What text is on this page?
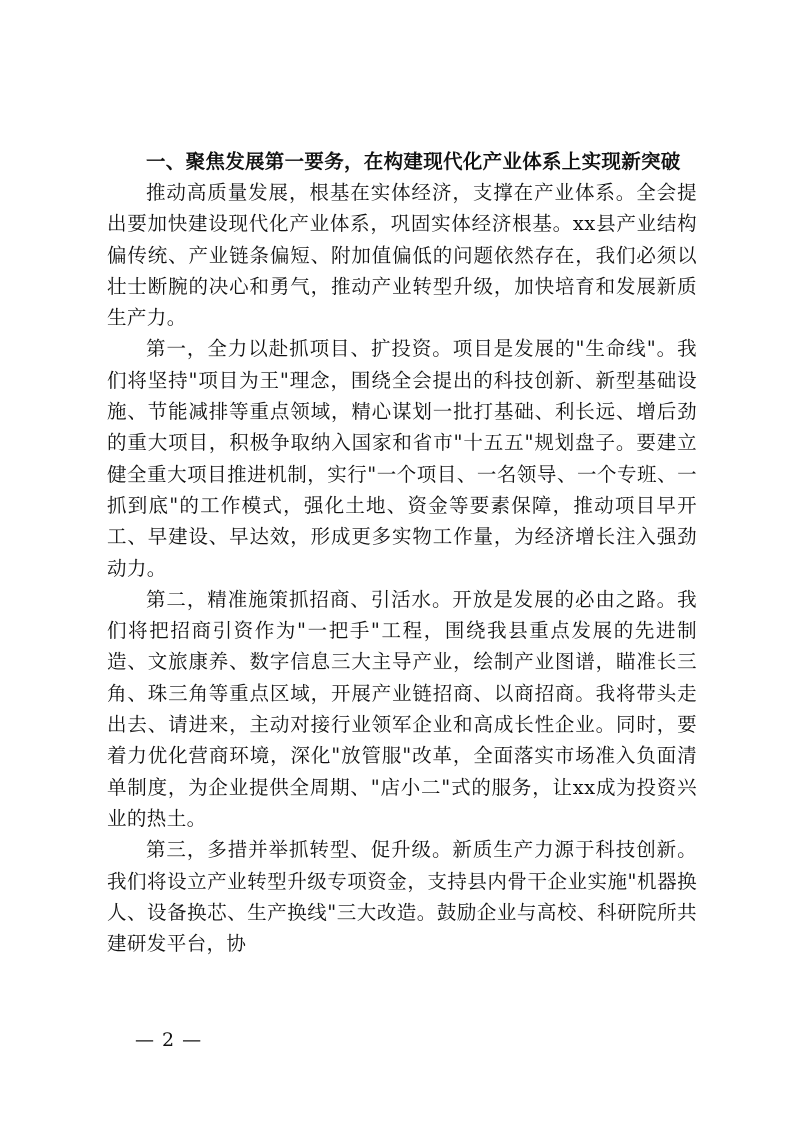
一、聚焦发展第一要务，在构建现代化产业体系上实现新突破

推动高质量发展，根基在实体经济，支撑在产业体系。全会提出要加快建设现代化产业体系，巩固实体经济根基。xx县产业结构偏传统、产业链条偏短、附加值偏低的问题依然存在，我们必须以壮士断腕的决心和勇气，推动产业转型升级，加快培育和发展新质生产力。

第一，全力以赴抓项目、扩投资。项目是发展的"生命线"。我们将坚持"项目为王"理念，围绕全会提出的科技创新、新型基础设施、节能减排等重点领域，精心谋划一批打基础、利长远、增后劲的重大项目，积极争取纳入国家和省市"十五五"规划盘子。要建立健全重大项目推进机制，实行"一个项目、一名领导、一个专班、一抓到底"的工作模式，强化土地、资金等要素保障，推动项目早开工、早建设、早达效，形成更多实物工作量，为经济增长注入强劲动力。

第二，精准施策抓招商、引活水。开放是发展的必由之路。我们将把招商引资作为"一把手"工程，围绕我县重点发展的先进制造、文旅康养、数字信息三大主导产业，绘制产业图谱，瞄准长三角、珠三角等重点区域，开展产业链招商、以商招商。我将带头走出去、请进来，主动对接行业领军企业和高成长性企业。同时，要着力优化营商环境，深化"放管服"改革，全面落实市场准入负面清单制度，为企业提供全周期、"店小二"式的服务，让xx成为投资兴业的热土。

第三，多措并举抓转型、促升级。新质生产力源于科技创新。我们将设立产业转型升级专项资金，支持县内骨干企业实施"机器换人、设备换芯、生产换线"三大改造。鼓励企业与高校、科研院所共建研发平台，协

— 2 —
